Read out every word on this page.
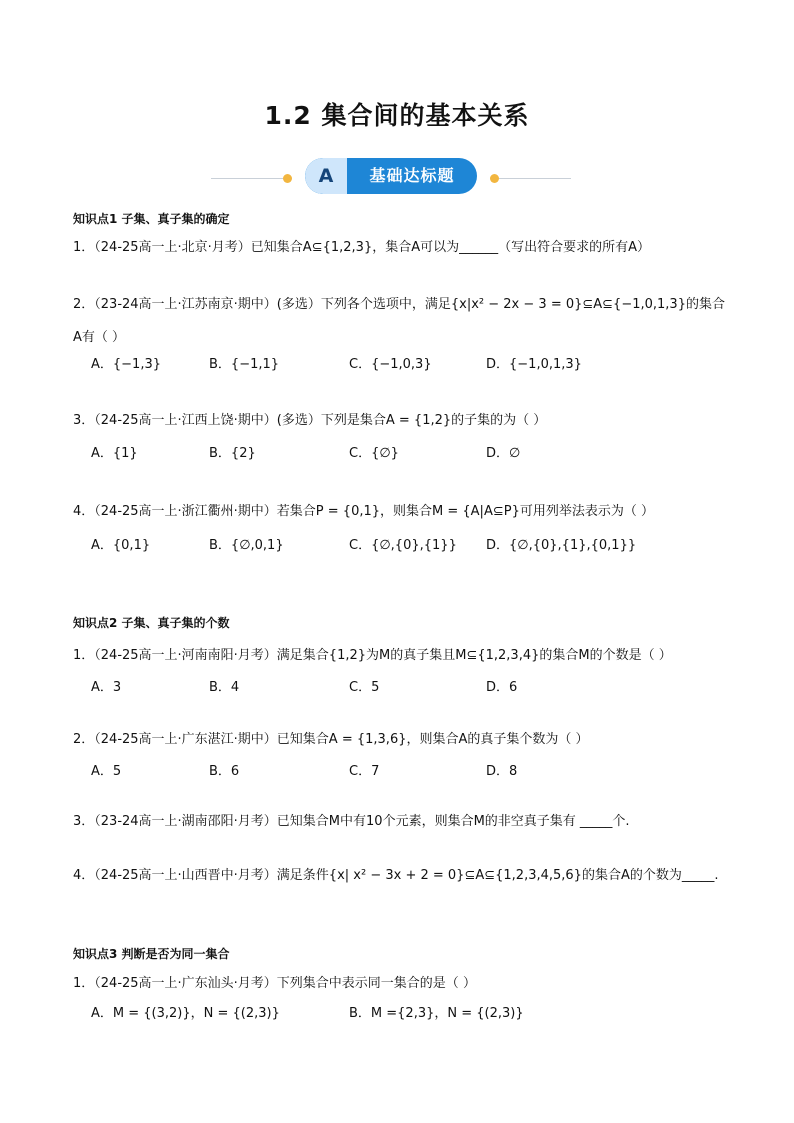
1.2 集合间的基本关系
A	基础达标题
知识点1 子集、真子集的确定
1．（24-25高一上·北京·月考）已知集合A⊆{1,2,3}，集合A可以为______（写出符合要求的所有A）
2．（23-24高一上·江苏南京·期中）(多选）下列各个选项中，满足{x|x² − 2x − 3 = 0}⊆A⊆{−1,0,1,3}的集合
A有（ ）
A．{−1,3}	B．{−1,1}	C．{−1,0,3}	D．{−1,0,1,3}
3．（24-25高一上·江西上饶·期中）(多选）下列是集合A = {1,2}的子集的为（ ）
A．{1}	B．{2}	C．{∅}	D．∅
4．（24-25高一上·浙江衢州·期中）若集合P = {0,1}，则集合M = {A|A⊆P}可用列举法表示为（ ）
A．{0,1}	B．{∅,0,1}	C．{∅,{0},{1}} D．{∅,{0},{1},{0,1}}
知识点2 子集、真子集的个数
1．（24-25高一上·河南南阳·月考）满足集合{1,2}为M的真子集且M⊆{1,2,3,4}的集合M的个数是（ ）
A．3	B．4	C．5	D．6
2．（24-25高一上·广东湛江·期中）已知集合A = {1,3,6}，则集合A的真子集个数为（ ）
A．5	B．6	C．7	D．8
3．（23-24高一上·湖南邵阳·月考）已知集合M中有10个元素，则集合M的非空真子集有 _____个.
4．（24-25高一上·山西晋中·月考）满足条件{x| x² − 3x + 2 = 0}⊆A⊆{1,2,3,4,5,6}的集合A的个数为_____.
知识点3 判断是否为同一集合
1．（24-25高一上·广东汕头·月考）下列集合中表示同一集合的是（ ）
A．M = {(3,2)}，N = {(2,3)}	B．M ={2,3}，N = {(2,3)}
